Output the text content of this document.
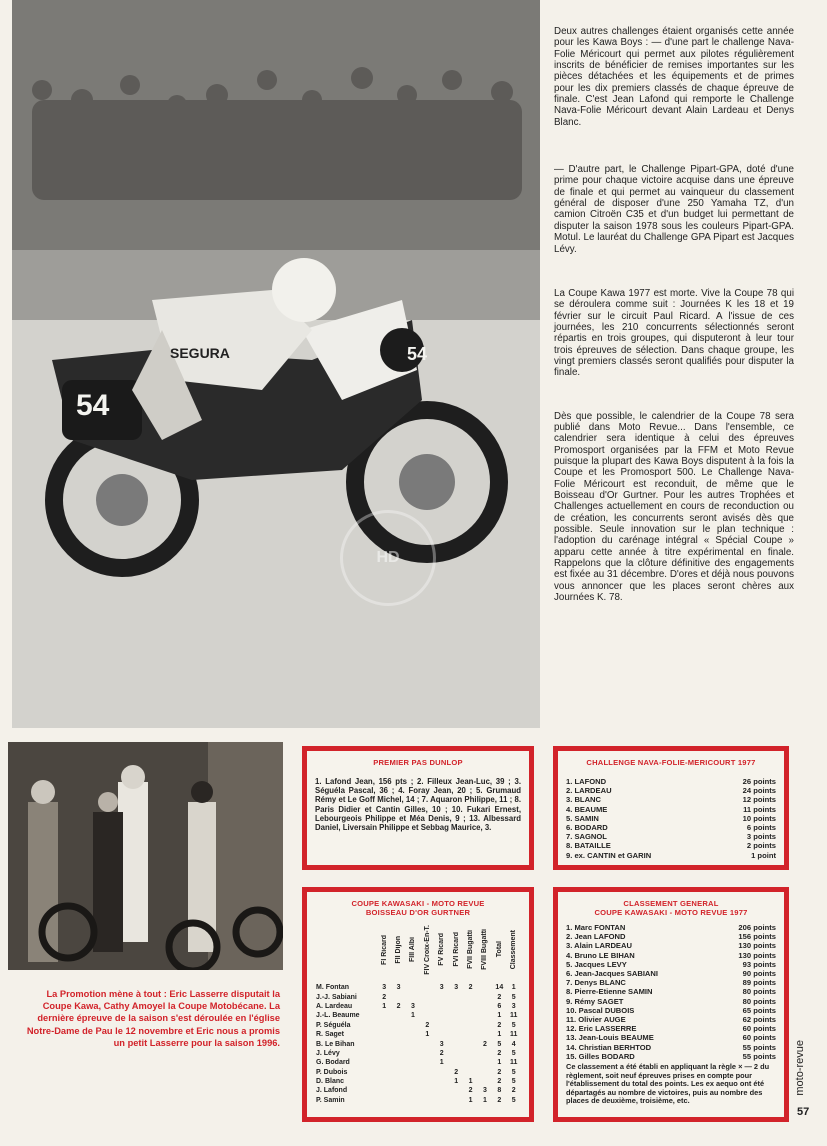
54
54
SEGURA
HD

Deux autres challenges étaient organisés cette année pour les Kawa Boys : — d'une part le challenge Nava-Folie Méricourt qui permet aux pilotes régulièrement inscrits de bénéficier de remises importantes sur les pièces détachées et les équipements et de primes pour les dix premiers classés de chaque épreuve de finale. C'est Jean Lafond qui remporte le Challenge Nava-Folie Méricourt devant Alain Lardeau et Denys Blanc.

— D'autre part, le Challenge Pipart-GPA, doté d'une prime pour chaque victoire acquise dans une épreuve de finale et qui permet au vainqueur du classement général de disposer d'une 250 Yamaha TZ, d'un camion Citroën C35 et d'un budget lui permettant de disputer la saison 1978 sous les couleurs Pipart-GPA. Motul. Le lauréat du Challenge GPA Pipart est Jacques Lévy.

La Coupe Kawa 1977 est morte. Vive la Coupe 78 qui se déroulera comme suit : Journées K les 18 et 19 février sur le circuit Paul Ricard. A l'issue de ces journées, les 210 concurrents sélectionnés seront répartis en trois groupes, qui disputeront à leur tour trois épreuves de sélection. Dans chaque groupe, les vingt premiers classés seront qualifiés pour disputer la finale.

Dès que possible, le calendrier de la Coupe 78 sera publié dans Moto Revue... Dans l'ensemble, ce calendrier sera identique à celui des épreuves Promosport organisées par la FFM et Moto Revue puisque la plupart des Kawa Boys disputent à la fois la Coupe et les Promosport 500. Le Challenge Nava-Folie Méricourt est reconduit, de même que le Boisseau d'Or Gurtner. Pour les autres Trophées et Challenges actuellement en cours de reconduction ou de création, les concurrents seront avisés dès que possible. Seule innovation sur le plan technique : l'adoption du carénage intégral « Spécial Coupe » apparu cette année à titre expérimental en finale. Rappelons que la clôture définitive des engagements est fixée au 31 décembre. D'ores et déjà nous pouvons vous annoncer que les places seront chères aux Journées K. 78.

La Promotion mène à tout : Eric Lasserre disputait la Coupe Kawa, Cathy Amoyel la Coupe Motobécane. La dernière épreuve de la saison s'est déroulée en l'église Notre-Dame de Pau le 12 novembre et Eric nous a promis un petit Lasserre pour la saison 1996.
PREMIER PAS DUNLOP
1. Lafond Jean, 156 pts ; 2. Filleux Jean-Luc, 39 ; 3. Séguéla Pascal, 36 ; 4. Foray Jean, 20 ; 5. Grumaud Rémy et Le Goff Michel, 14 ; 7. Aquaron Philippe, 11 ; 8. Paris Didier et Cantin Gilles, 10 ; 10. Fukari Ernest, Lebourgeois Philippe et Méa Denis, 9 ; 13. Albessard Daniel, Liversain Philippe et Sebbag Maurice, 3.
CHALLENGE NAVA-FOLIE-MERICOURT 1977
1. LAFOND	26 points
2. LARDEAU	24 points
3. BLANC	12 points
4. BEAUME	11 points
5. SAMIN	10 points
6. BODARD	6 points
7. SAGNOL	3 points
8. BATAILLE	2 points
9. ex. CANTIN et GARIN	1 point
COUPE KAWASAKI - MOTO REVUE
BOISSEAU D'OR GURTNER
	FI Ricard	FII Dijon	FIII Albi	FIV Croix-En-T.	FV Ricard	FVI Ricard	FVII Bugatti	FVIII Bugatti	Total	Classement
M. Fontan	3	3			3	3	2		14	1
J.-J. Sabiani	2								2	5
A. Lardeau	1	2	3						6	3
J.-L. Beaume			1						1	11
P. Séguéla				2					2	5
R. Saget				1					1	11
B. Le Bihan					3			2	5	4
J. Lévy					2				2	5
G. Bodard					1				1	11
P. Dubois						2			2	5
D. Blanc						1	1		2	5
J. Lafond							2	3	8	2
P. Samin							1	1	2	5
CLASSEMENT GENERAL
COUPE KAWASAKI - MOTO REVUE 1977
1. Marc FONTAN	206 points
2. Jean LAFOND	156 points
3. Alain LARDEAU	130 points
4. Bruno LE BIHAN	130 points
5. Jacques LEVY	93 points
6. Jean-Jacques SABIANI	90 points
7. Denys BLANC	89 points
8. Pierre-Etienne SAMIN	80 points
9. Rémy SAGET	80 points
10. Pascal DUBOIS	65 points
11. Olivier AUGE	62 points
12. Eric LASSERRE	60 points
13. Jean-Louis BEAUME	60 points
14. Christian BERHTOD	55 points
15. Gilles BODARD	55 points
Ce classement a été établi en appliquant la règle × — 2 du règlement, soit neuf épreuves prises en compte pour l'établissement du total des points. Les ex aequo ont été départagés au nombre de victoires, puis au nombre des places de deuxième, troisième, etc.
moto-revue
57
